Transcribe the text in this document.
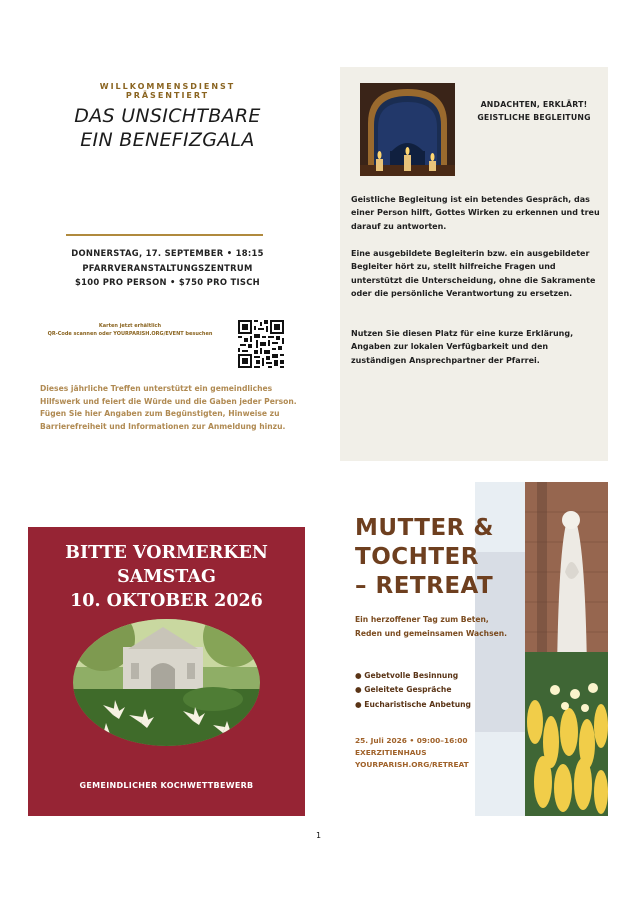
WILLKOMMENSDIENST
PRÄSENTIERT
DAS UNSICHTBARE
EIN BENEFIZGALA
DONNERSTAG, 17. SEPTEMBER • 18:15
PFARRVERANSTALTUNGSZENTRUM
$100 PRO PERSON • $750 PRO TISCH
Karten jetzt erhältlich
QR-Code scannen oder YOURPARISH.ORG/EVENT besuchen

Dieses jährliche Treffen unterstützt ein gemeindliches Hilfswerk und feiert die Würde und die Gaben jeder Person. Fügen Sie hier Angaben zum Begünstigten, Hinweise zu Barrierefreiheit und Informationen zur Anmeldung hinzu.

ANDACHTEN, ERKLÄRT!
GEISTLICHE BEGLEITUNG

Geistliche Begleitung ist ein betendes Gespräch, das einer Person hilft, Gottes Wirken zu erkennen und treu darauf zu antworten.

Eine ausgebildete Begleiterin bzw. ein ausgebildeter Begleiter hört zu, stellt hilfreiche Fragen und unterstützt die Unterscheidung, ohne die Sakramente oder die persönliche Verantwortung zu ersetzen.

Nutzen Sie diesen Platz für eine kurze Erklärung, Angaben zur lokalen Verfügbarkeit und den zuständigen Ansprechpartner der Pfarrei.

BITTE VORMERKEN
SAMSTAG
10. OKTOBER 2026
GEMEINDLICHER KOCHWETTBEWERB
MUTTER &
TOCHTER
– RETREAT

Ein herzoffener Tag zum Beten, Reden und gemeinsamen Wachsen.

● Gebetvolle Besinnung
● Geleitete Gespräche
● Eucharistische Anbetung
25. Juli 2026 • 09:00–16:00
EXERZITIENHAUS
YOURPARISH.ORG/RETREAT
1
